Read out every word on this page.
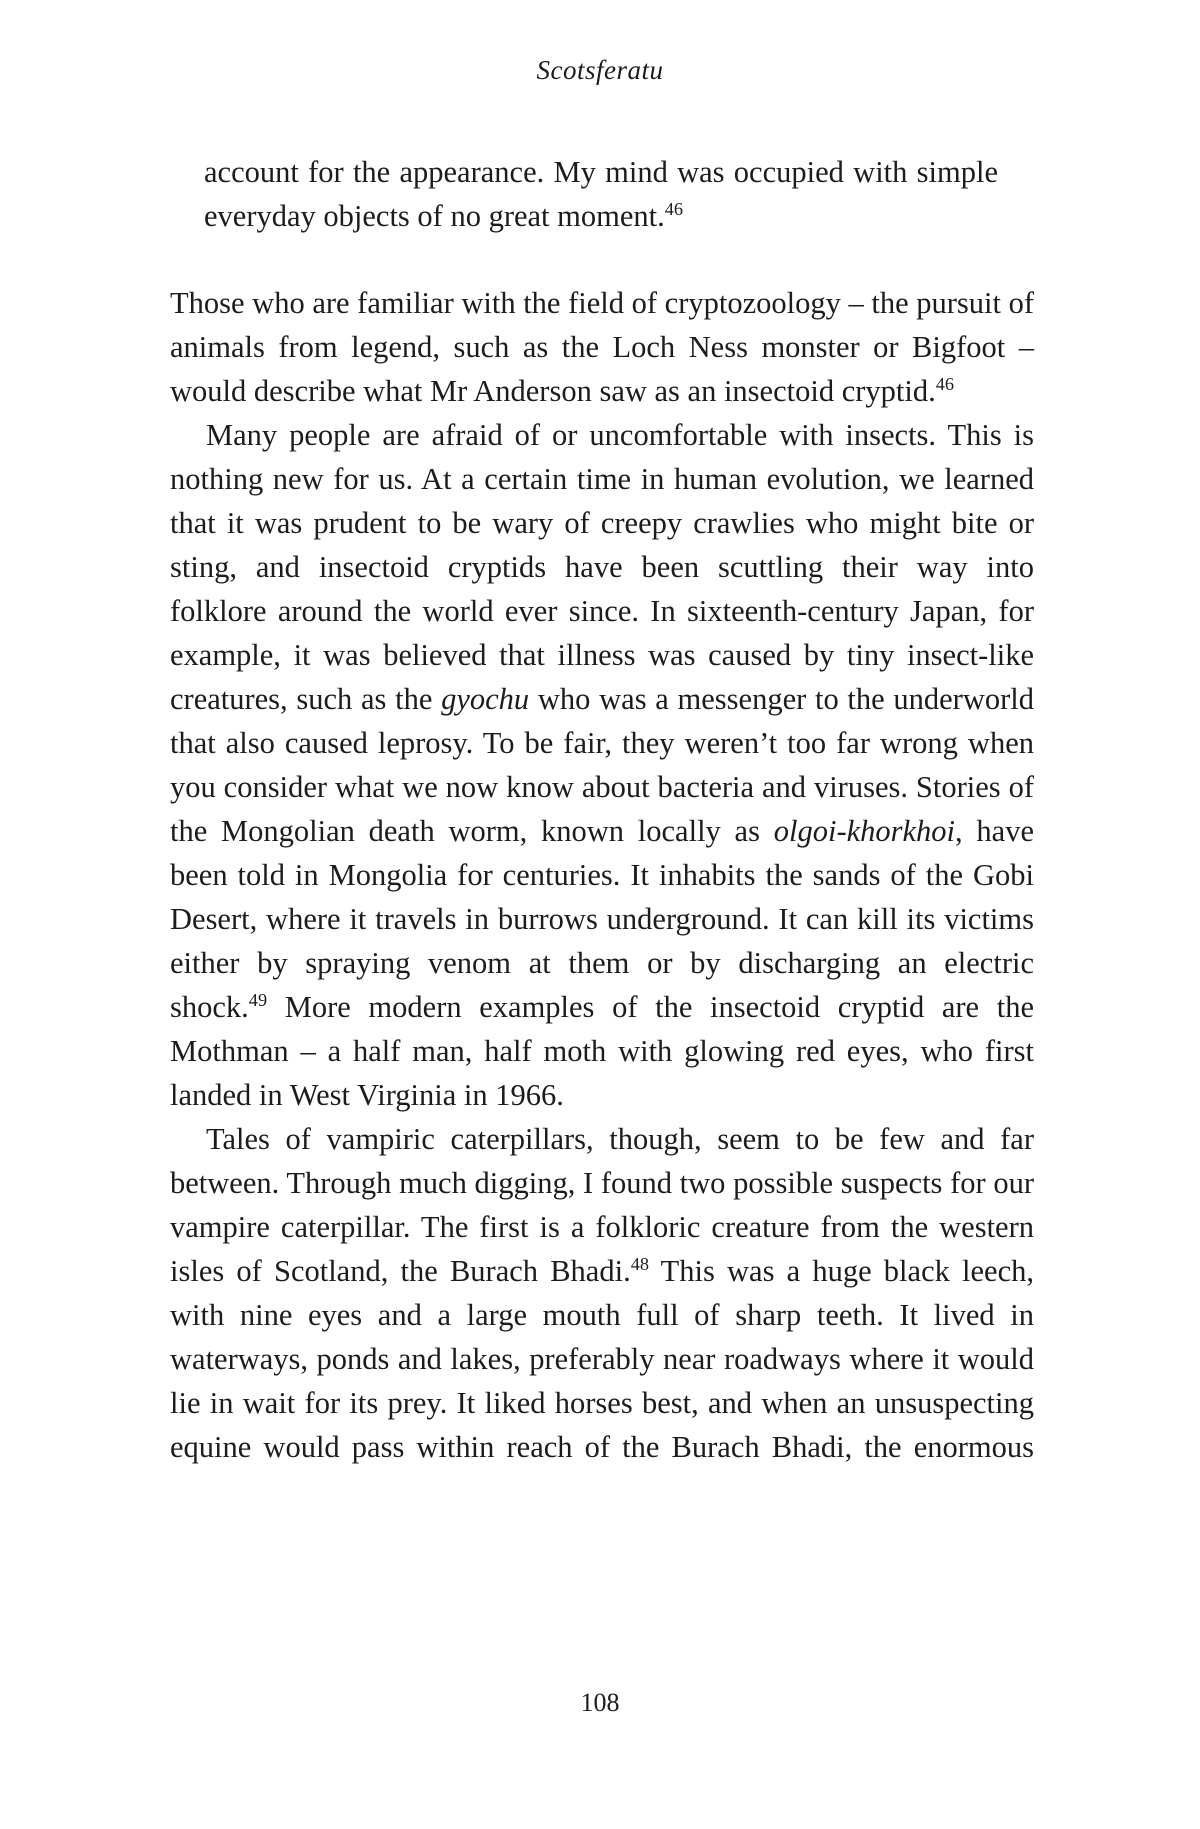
Scotsferatu

account for the appearance. My mind was occupied with simple everyday objects of no great moment.$^{46}$

Those who are familiar with the field of cryptozoology – the pursuit of animals from legend, such as the Loch Ness monster or Bigfoot – would describe what Mr Anderson saw as an insectoid cryptid.$^{46}$

Many people are afraid of or uncomfortable with insects. This is nothing new for us. At a certain time in human evolution, we learned that it was prudent to be wary of creepy crawlies who might bite or sting, and insectoid cryptids have been scuttling their way into folklore around the world ever since. In sixteenth-century Japan, for example, it was believed that illness was caused by tiny insect-like creatures, such as the gyochu who was a messenger to the underworld that also caused leprosy. To be fair, they weren’t too far wrong when you consider what we now know about bacteria and viruses. Stories of the Mongolian death worm, known locally as olgoi-khorkhoi, have been told in Mongolia for centuries. It inhabits the sands of the Gobi Desert, where it travels in burrows underground. It can kill its victims either by spraying venom at them or by discharging an electric shock.$^{49}$ More modern examples of the insectoid cryptid are the Mothman – a half man, half moth with glowing red eyes, who first landed in West Virginia in 1966.

Tales of vampiric caterpillars, though, seem to be few and far between. Through much digging, I found two possible suspects for our vampire caterpillar. The first is a folkloric creature from the western isles of Scotland, the Burach Bhadi.$^{48}$ This was a huge black leech, with nine eyes and a large mouth full of sharp teeth. It lived in waterways, ponds and lakes, preferably near roadways where it would lie in wait for its prey. It liked horses best, and when an unsuspecting equine would pass within reach of the Burach Bhadi, the enormous

108
